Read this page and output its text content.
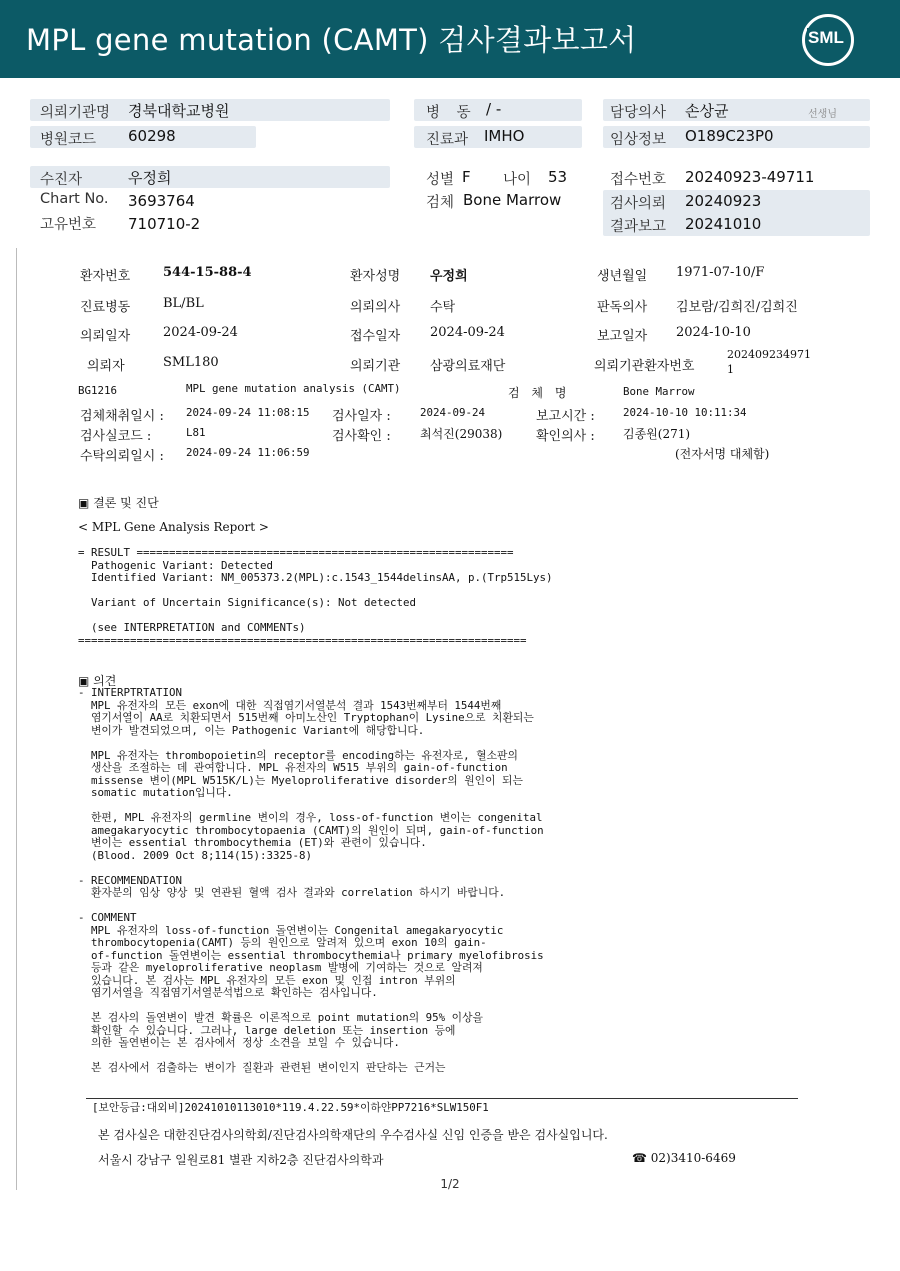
MPL gene mutation (CAMT) 검사결과보고서	SML
의뢰기관명 경북대학교병원
병원코드 60298
병 동 / -
진료과 IMHO
담당의사 손상균	선생님
임상정보 O189C23P0
수진자	우정희
Chart No. 3693764
고유번호 710710-2
성별 F 나이 53
검체 Bone Marrow
접수번호 20240923-49711
검사의뢰 20240923
결과보고 20241010
환자번호	544-15-88-4	환자성명 우정희	생년월일 1971-07-10/F
진료병동	BL/BL	의뢰의사 수탁	판독의사 김보람/김희진/김희진
의뢰일자	2024-09-24	접수일자 2024-09-24	보고일자 2024-10-10
의뢰자	SML180	의뢰기관 삼광의료재단	의뢰기관환자번호
202409234971
1
BG1216	MPL gene mutation analysis (CAMT)	검 체 명	Bone Marrow
검체채취일시 : 2024-09-24 11:08:15 검사일자 :	2024-09-24	보고시간 :	2024-10-10 10:11:34
검사실코드 :	L81	검사확인 : 최석진(29038)	확인의사 : 김종원(271)
수탁의뢰일시 : 2024-09-24 11:06:59	(전자서명 대체함)
▣ 결론 및 진단
< MPL Gene Analysis Report >
= RESULT ==========================================================
Pathogenic Variant: Detected
Identified Variant: NM_005373.2(MPL):c.1543_1544delinsAA, p.(Trp515Lys)

Variant of Uncertain Significance(s): Not detected

(see INTERPRETATION and COMMENTs)
=====================================================================
▣ 의견
- INTERPTRTATION
MPL 유전자의 모든 exon에 대한 직접염기서열분석 결과 1543번째부터 1544번째
염기서열이 AA로 치환되면서 515번째 아미노산인 Tryptophan이 Lysine으로 치환되는
변이가 발견되었으며, 이는 Pathogenic Variant에 해당합니다.

MPL 유전자는 thrombopoietin의 receptor를 encoding하는 유전자로, 혈소판의
생산을 조절하는 데 관여합니다. MPL 유전자의 W515 부위의 gain-of-function
missense 변이(MPL W515K/L)는 Myeloproliferative disorder의 원인이 되는
somatic mutation입니다.

한편, MPL 유전자의 germline 변이의 경우, loss-of-function 변이는 congenital
amegakaryocytic thrombocytopaenia (CAMT)의 원인이 되며, gain-of-function
변이는 essential thrombocythemia (ET)와 관련이 있습니다.
(Blood. 2009 Oct 8;114(15):3325-8)

- RECOMMENDATION
환자분의 임상 양상 및 연관된 혈액 검사 결과와 correlation 하시기 바랍니다.

- COMMENT
MPL 유전자의 loss-of-function 돌연변이는 Congenital amegakaryocytic
thrombocytopenia(CAMT) 등의 원인으로 알려져 있으며 exon 10의 gain-
of-function 돌연변이는 essential thrombocythemia나 primary myelofibrosis
등과 같은 myeloproliferative neoplasm 발병에 기여하는 것으로 알려져
있습니다. 본 검사는 MPL 유전자의 모든 exon 및 인접 intron 부위의
염기서열을 직접염기서열분석법으로 확인하는 검사입니다.

본 검사의 돌연변이 발견 확률은 이론적으로 point mutation의 95% 이상을
확인할 수 있습니다. 그러나, large deletion 또는 insertion 등에
의한 돌연변이는 본 검사에서 정상 소견을 보일 수 있습니다.

본 검사에서 검출하는 변이가 질환과 관련된 변이인지 판단하는 근거는
[보안등급:대외비]20241010113010*119.4.22.59*이하얀PP7216*SLW150F1
본 검사실은 대한진단검사의학회/진단검사의학재단의 우수검사실 신임 인증을 받은 검사실입니다.
서울시 강남구 일원로81 별관 지하2층 진단검사의학과	☎ 02)3410-6469
1/2
